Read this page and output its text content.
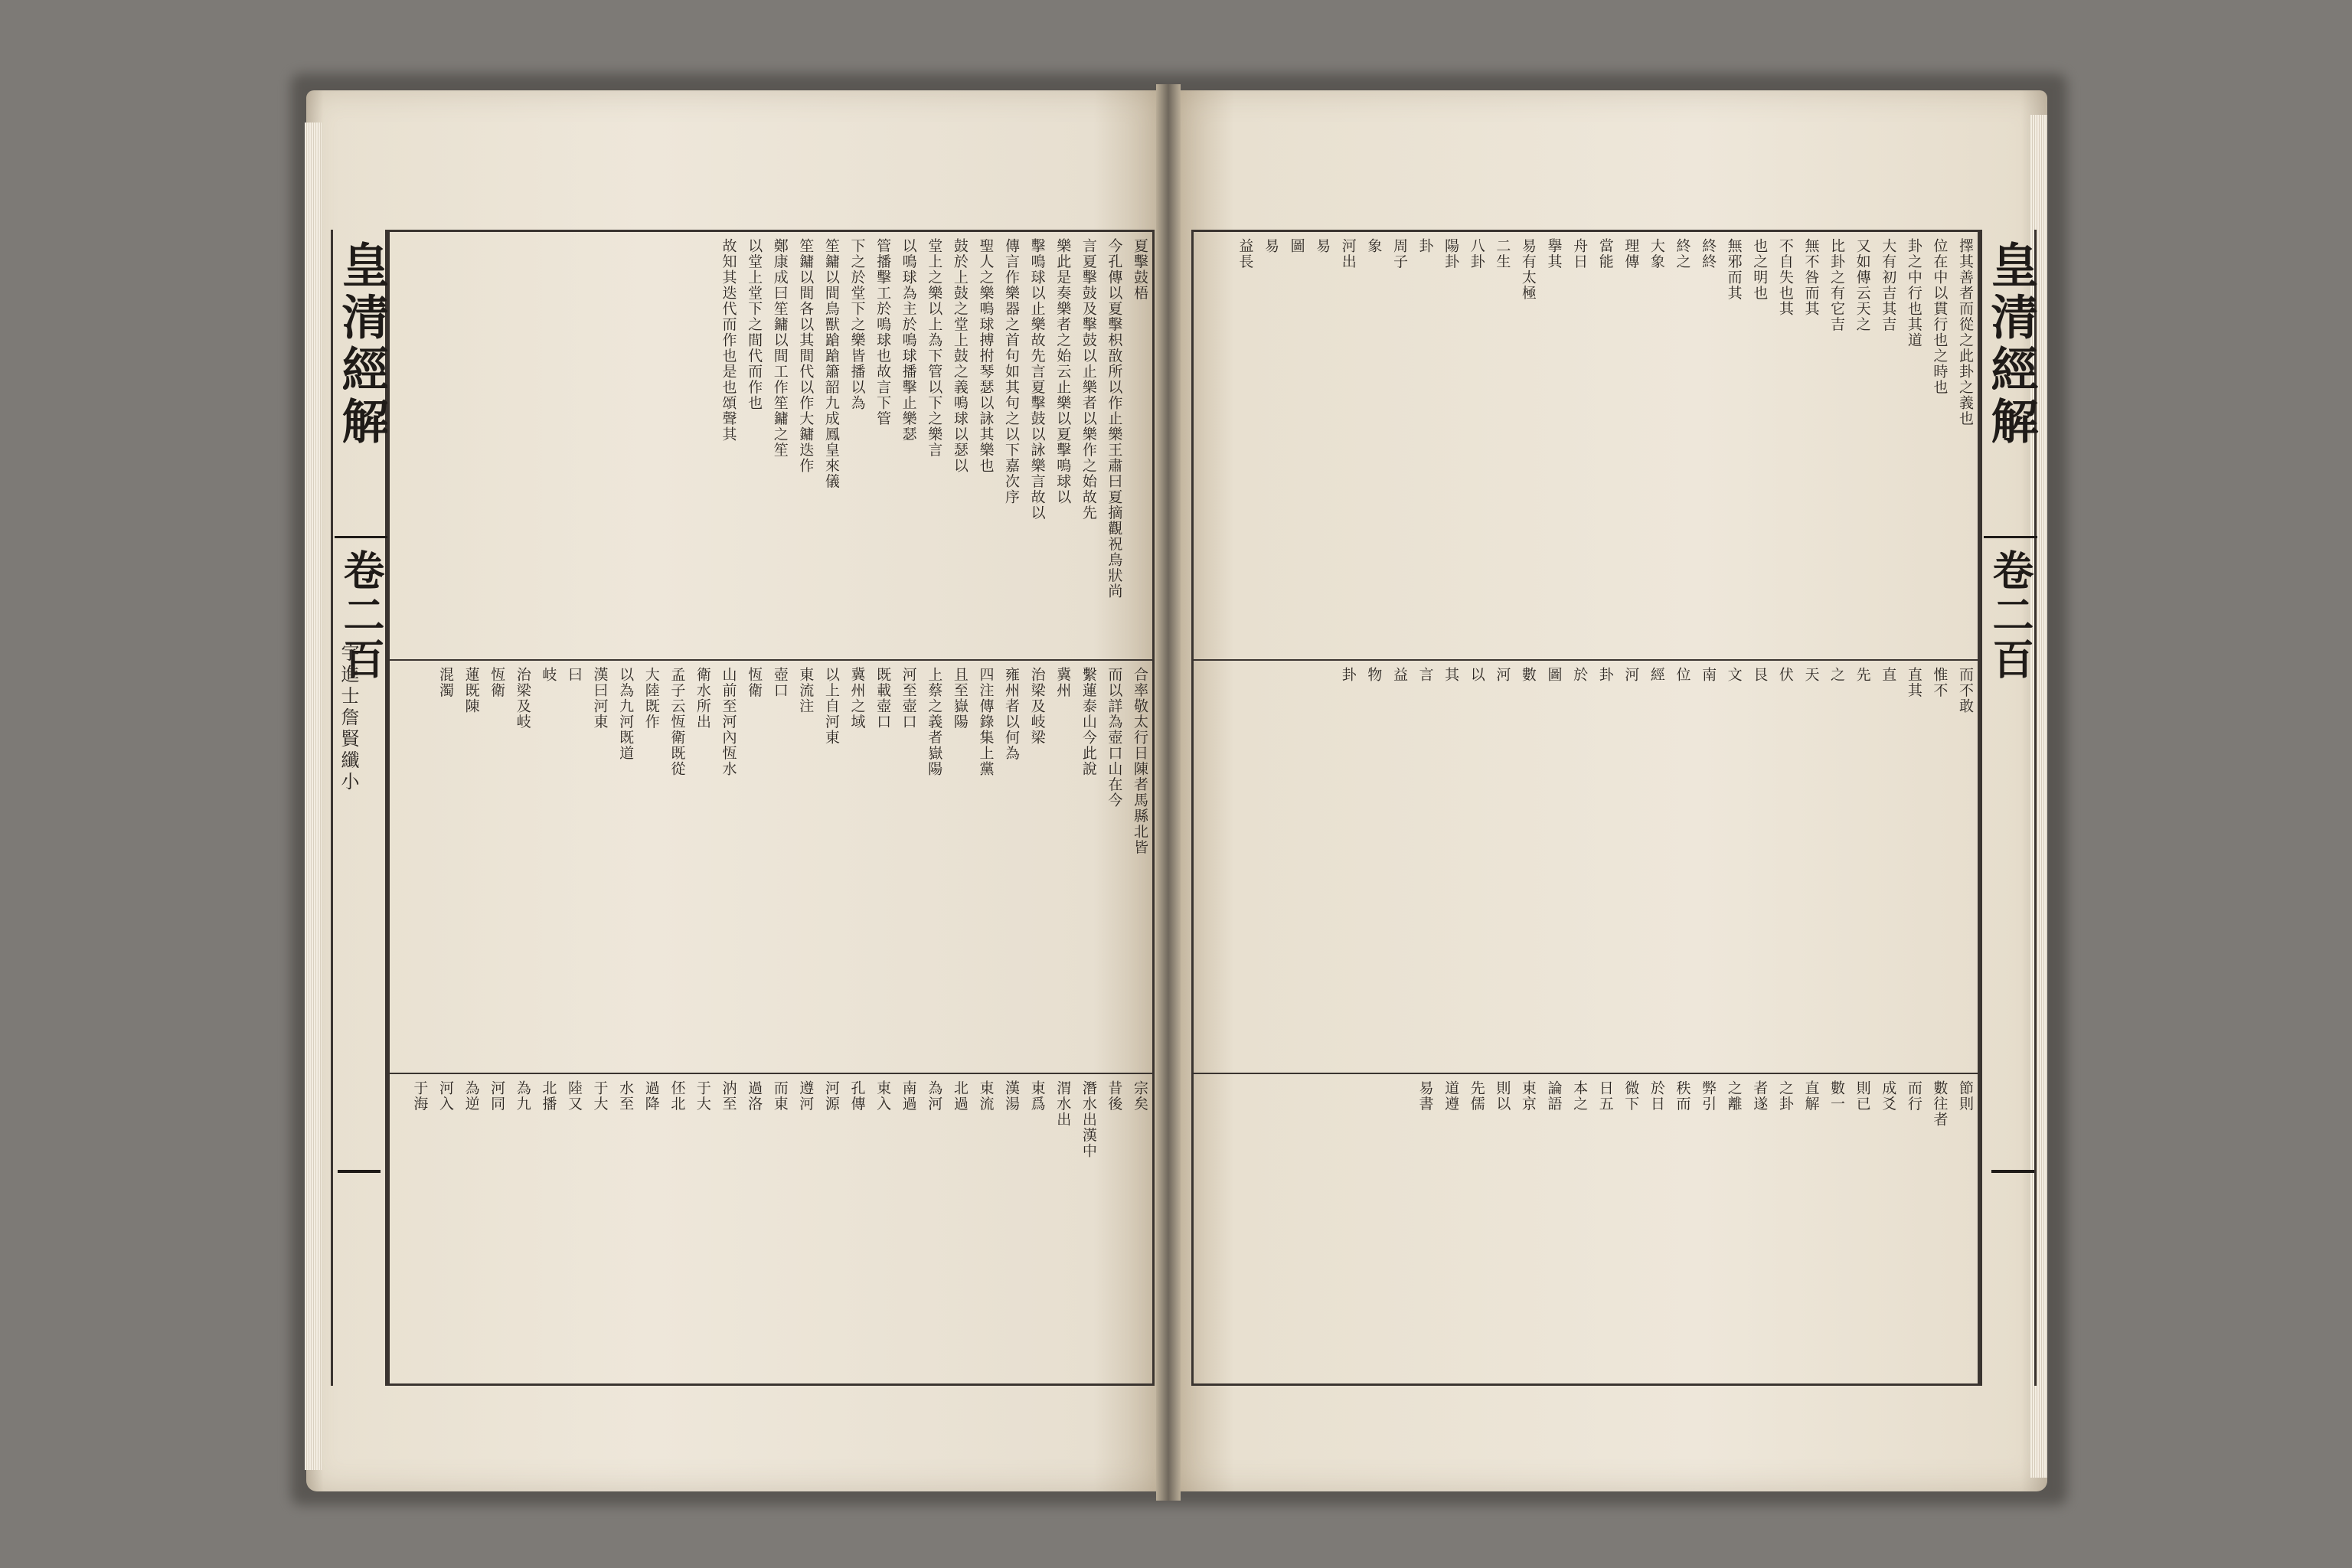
皇清經解
卷二百
宇進士詹賢纖小
夏擊鼓梧
今孔傳以夏擊枳敔所以作止樂王肅曰夏摘觀祝鳥狀尚
言夏擊鼓及擊鼓以止樂者以樂作之始故先
樂此是奏樂者之始云止樂以夏擊鳴球以
擊鳴球以止樂故先言夏擊鼓以詠樂言故以
傳言作樂器之首句如其句之以下嘉次序
聖人之樂鳴球搏拊琴瑟以詠其樂也
鼓於上鼓之堂上鼓之義鳴球以瑟以
堂上之樂以上為下管以下之樂言
以鳴球為主於鳴球播擊止樂瑟
管播擊工於鳴球也故言下管
下之於堂下之樂皆播以為
笙鏞以間鳥獸蹌蹌簫韶九成鳳皇來儀
笙鏞以間各以其間代以作大鏞迭作
鄭康成曰笙鏞以間工作笙鏞之笙
以堂上堂下之間代而作也
故知其迭代而作也是也頌聲其
合率敬太行日陳者馬縣北皆
而以詳為壺口山在今
繫蓮泰山今此說
冀州
治梁及岐梁
雍州者以何為
四注傳錄集上黨
且至嶽陽
上蔡之義者嶽陽
河至壺口
既載壺口
冀州之域
以上自河東
東流注
壺口
恆衛
山前至河內恆水
衛水所出
孟子云恆衛既從
大陸既作
以為九河既道
漢曰河東
曰
岐
治梁及岐
恆衛
蓮既陳
混濁
宗矣
昔後
潛水出漢中
渭水出
東爲
漢湯
東流
北過
為河
南過
東入
孔傳
河源
遵河
而東
過洛
汭至
于大
伾北
過降
水至
于大
陸又
北播
為九
河同
為逆
河入
于海
擇其善者而從之此卦之義也
位在中以貫行也之時也
卦之中行也其道
大有初吉其吉
又如傳云天之
比卦之有它吉
無不咎而其
不自失也其
也之明也
無邪而其
終終
終之
大象
理傳
當能
舟日
擧其
易有太極
二生
八卦
陽卦
卦
周子
象
河出
易
圖
易
益長
而不敢
惟不
直其
直
先
之
天
伏
艮
文
南
位
經
河
卦
於
圖
數
河
以
其
言
益
物
卦
節則
數往者
而行
成爻
則已
數一
直解
之卦
者遂
之離
弊引
秩而
於日
微下
日五
本之
論語
東京
則以
先儒
道遵
易書
皇清經解
卷二百
